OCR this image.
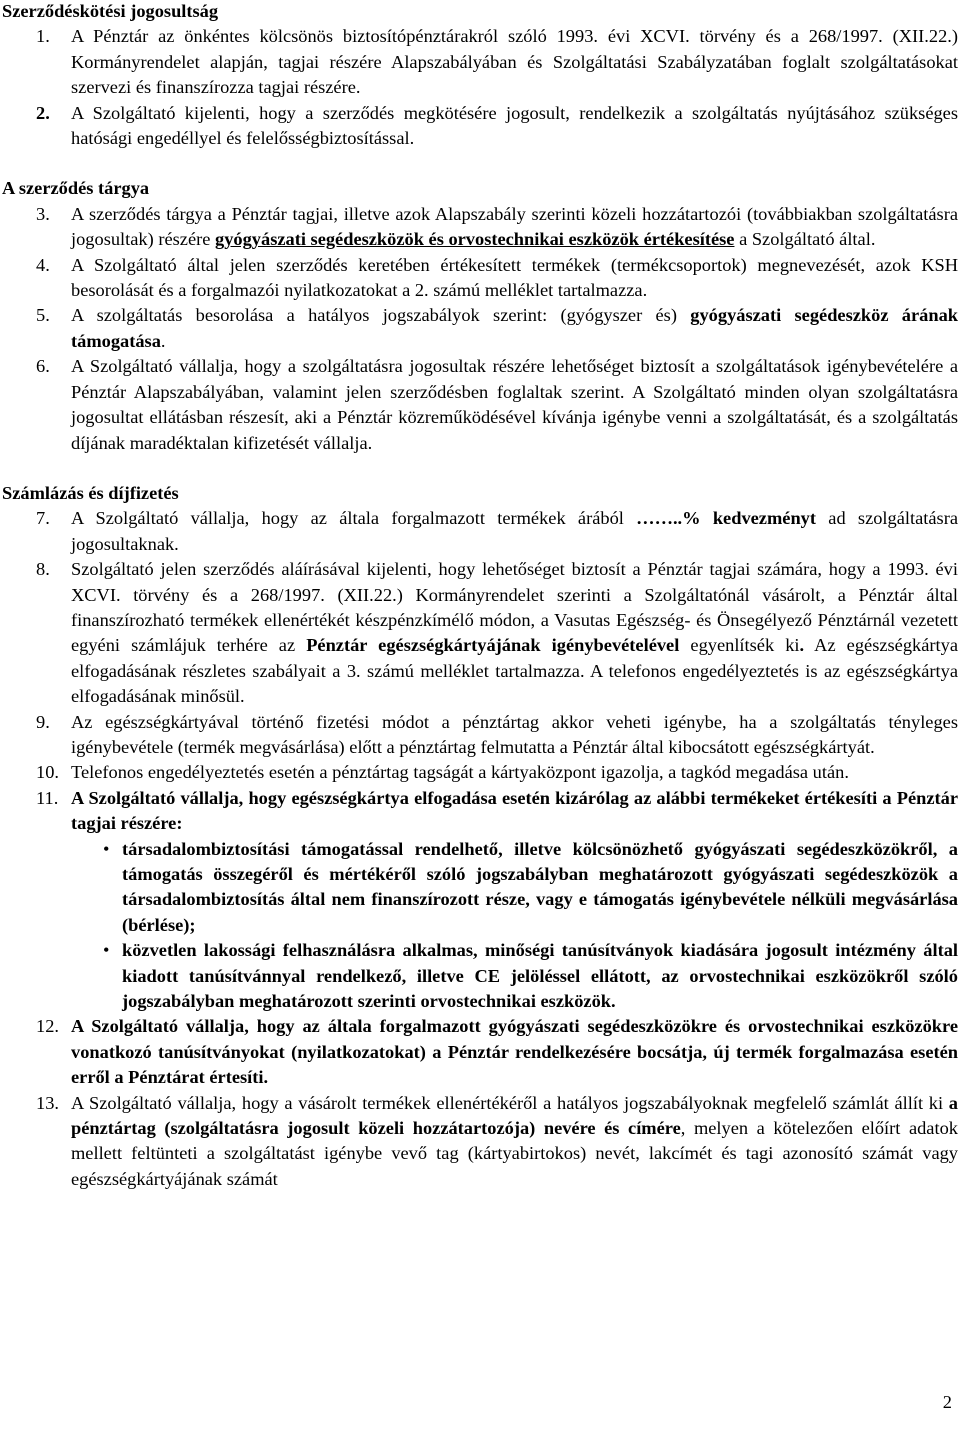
Szerződéskötési jogosultság

1. A Pénztár az önkéntes kölcsönös biztosítópénztárakról szóló 1993. évi XCVI. törvény és a 268/1997. (XII.22.) Kormányrendelet alapján, tagjai részére Alapszabályában és Szolgáltatási Szabályzatában foglalt szolgáltatásokat szervezi és finanszírozza tagjai részére.
2. A Szolgáltató kijelenti, hogy a szerződés megkötésére jogosult, rendelkezik a szolgáltatás nyújtásához szükséges hatósági engedéllyel és felelősségbiztosítással.

A szerződés tárgya

3. A szerződés tárgya a Pénztár tagjai, illetve azok Alapszabály szerinti közeli hozzátartozói (továbbiakban szolgáltatásra jogosultak) részére gyógyászati segédeszközök és orvostechnikai eszközök értékesítése a Szolgáltató által.
4. A Szolgáltató által jelen szerződés keretében értékesített termékek (termékcsoportok) megnevezését, azok KSH besorolását és a forgalmazói nyilatkozatokat a 2. számú melléklet tartalmazza.
5. A szolgáltatás besorolása a hatályos jogszabályok szerint: (gyógyszer és) gyógyászati segédeszköz árának támogatása.
6. A Szolgáltató vállalja, hogy a szolgáltatásra jogosultak részére lehetőséget biztosít a szolgáltatások igénybevételére a Pénztár Alapszabályában, valamint jelen szerződésben foglaltak szerint. A Szolgáltató minden olyan szolgáltatásra jogosultat ellátásban részesít, aki a Pénztár közreműködésével kívánja igénybe venni a szolgáltatását, és a szolgáltatás díjának maradéktalan kifizetését vállalja.

Számlázás és díjfizetés

7. A Szolgáltató vállalja, hogy az általa forgalmazott termékek árából ……..% kedvezményt ad szolgáltatásra jogosultaknak.
8. Szolgáltató jelen szerződés aláírásával kijelenti, hogy lehetőséget biztosít a Pénztár tagjai számára, hogy a 1993. évi XCVI. törvény és a 268/1997. (XII.22.) Kormányrendelet szerinti a Szolgáltatónál vásárolt, a Pénztár által finanszírozható termékek ellenértékét készpénzkímélő módon, a Vasutas Egészség- és Önsegélyező Pénztárnál vezetett egyéni számlájuk terhére az Pénztár egészségkártyájának igénybevételével egyenlítsék ki. Az egészségkártya elfogadásának részletes szabályait a 3. számú melléklet tartalmazza. A telefonos engedélyeztetés is az egészségkártya elfogadásának minősül.
9. Az egészségkártyával történő fizetési módot a pénztártag akkor veheti igénybe, ha a szolgáltatás tényleges igénybevétele (termék megvásárlása) előtt a pénztártag felmutatta a Pénztár által kibocsátott egészségkártyát.
10. Telefonos engedélyeztetés esetén a pénztártag tagságát a kártyaközpont igazolja, a tagkód megadása után.
11. A Szolgáltató vállalja, hogy egészségkártya elfogadása esetén kizárólag az alábbi termékeket értékesíti a Pénztár tagjai részére:
• társadalombiztosítási támogatással rendelhető, illetve kölcsönözhető gyógyászati segédeszközökről, a támogatás összegéről és mértékéről szóló jogszabályban meghatározott gyógyászati segédeszközök a társadalombiztosítás által nem finanszírozott része, vagy e támogatás igénybevétele nélküli megvásárlása (bérlése);
• közvetlen lakossági felhasználásra alkalmas, minőségi tanúsítványok kiadására jogosult intézmény által kiadott tanúsítvánnyal rendelkező, illetve CE jelöléssel ellátott, az orvostechnikai eszközökről szóló jogszabályban meghatározott szerinti orvostechnikai eszközök.
12. A Szolgáltató vállalja, hogy az általa forgalmazott gyógyászati segédeszközökre és orvostechnikai eszközökre vonatkozó tanúsítványokat (nyilatkozatokat) a Pénztár rendelkezésére bocsátja, új termék forgalmazása esetén erről a Pénztárat értesíti.
13. A Szolgáltató vállalja, hogy a vásárolt termékek ellenértékéről a hatályos jogszabályoknak megfelelő számlát állít ki a pénztártag (szolgáltatásra jogosult közeli hozzátartozója) nevére és címére, melyen a kötelezően előírt adatok mellett feltünteti a szolgáltatást igénybe vevő tag (kártyabirtokos) nevét, lakcímét és tagi azonosító számát vagy egészségkártyájának számát
2
